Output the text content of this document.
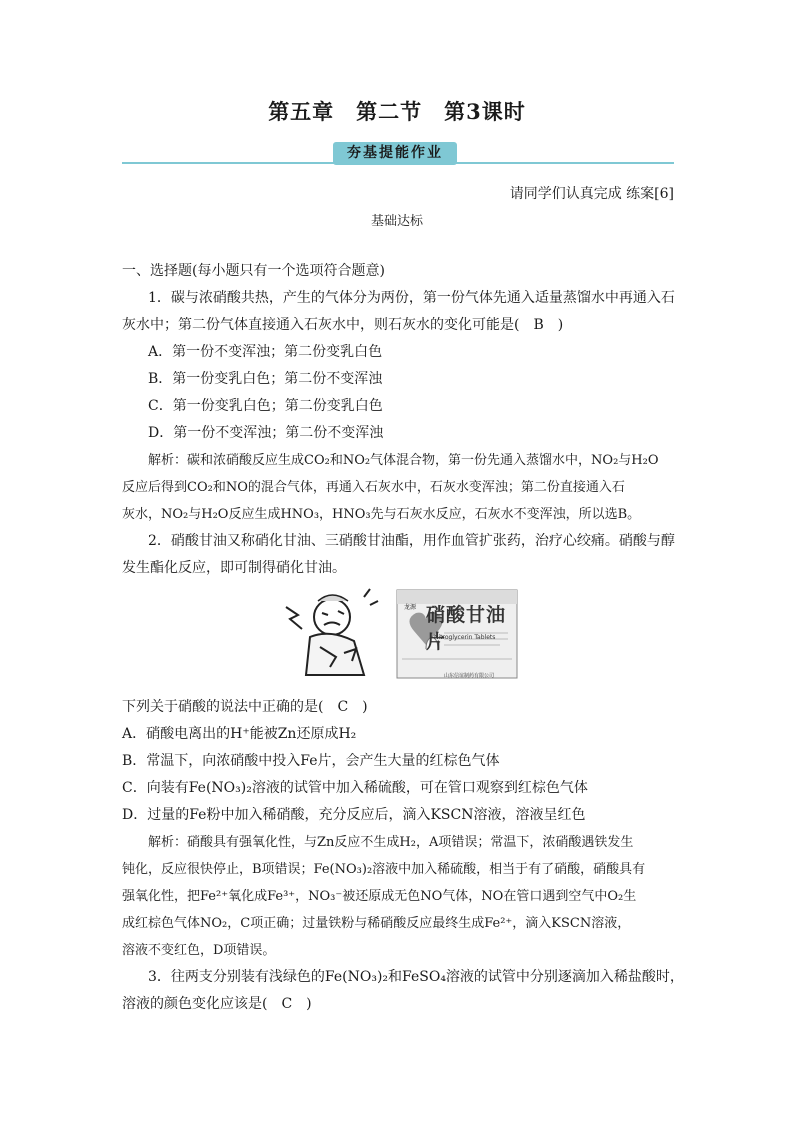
第五章　第二节　第3课时
夯基提能作业
请同学们认真完成 练案[6]
基础达标
一、选择题(每小题只有一个选项符合题意)
1．碳与浓硝酸共热，产生的气体分为两份，第一份气体先通入适量蒸馏水中再通入石
灰水中；第二份气体直接通入石灰水中，则石灰水的变化可能是(　B　)
A．第一份不变浑浊；第二份变乳白色
B．第一份变乳白色；第二份不变浑浊
C．第一份变乳白色；第二份变乳白色
D．第一份不变浑浊；第二份不变浑浊
解析：碳和浓硝酸反应生成CO₂和NO₂气体混合物，第一份先通入蒸馏水中，NO₂与H₂O
反应后得到CO₂和NO的混合气体，再通入石灰水中，石灰水变浑浊；第二份直接通入石
灰水，NO₂与H₂O反应生成HNO₃，HNO₃先与石灰水反应，石灰水不变浑浊，所以选B。
2．硝酸甘油又称硝化甘油、三硝酸甘油酯，用作血管扩张药，治疗心绞痛。硝酸与醇
发生酯化反应，即可制得硝化甘油。
龙源 硝酸甘油片
Nitroglycerin Tablets
山东信谊制药有限公司
下列关于硝酸的说法中正确的是(　C　)
A．硝酸电离出的H⁺能被Zn还原成H₂
B．常温下，向浓硝酸中投入Fe片，会产生大量的红棕色气体
C．向装有Fe(NO₃)₂溶液的试管中加入稀硫酸，可在管口观察到红棕色气体
D．过量的Fe粉中加入稀硝酸，充分反应后，滴入KSCN溶液，溶液呈红色
解析：硝酸具有强氧化性，与Zn反应不生成H₂，A项错误；常温下，浓硝酸遇铁发生
钝化，反应很快停止，B项错误；Fe(NO₃)₂溶液中加入稀硫酸，相当于有了硝酸，硝酸具有
强氧化性，把Fe²⁺氧化成Fe³⁺，NO₃⁻被还原成无色NO气体，NO在管口遇到空气中O₂生
成红棕色气体NO₂，C项正确；过量铁粉与稀硝酸反应最终生成Fe²⁺，滴入KSCN溶液，
溶液不变红色，D项错误。
3．往两支分别装有浅绿色的Fe(NO₃)₂和FeSO₄溶液的试管中分别逐滴加入稀盐酸时，
溶液的颜色变化应该是(　C　)
